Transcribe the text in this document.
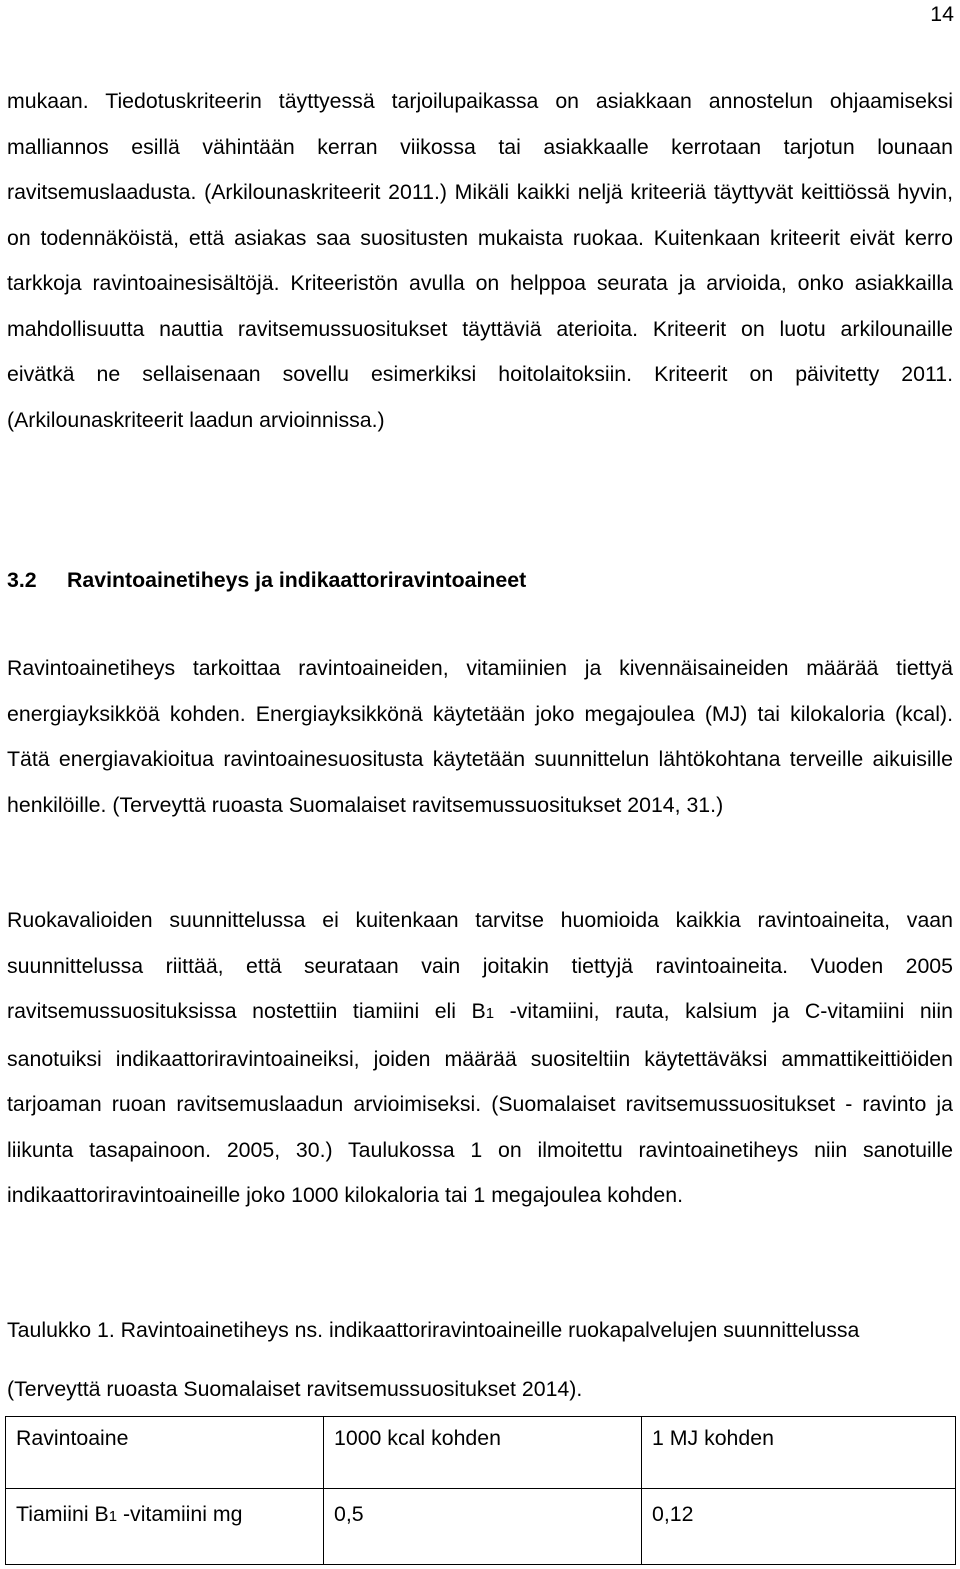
14

mukaan. Tiedotuskriteerin täyttyessä tarjoilupaikassa on asiakkaan annostelun ohjaamiseksi malliannos esillä vähintään kerran viikossa tai asiakkaalle kerrotaan tarjotun lounaan ravitsemuslaadusta. (Arkilounaskriteerit 2011.) Mikäli kaikki neljä kriteeriä täyttyvät keittiössä hyvin, on todennäköistä, että asiakas saa suositusten mukaista ruokaa. Kuitenkaan kriteerit eivät kerro tarkkoja ravintoainesisältöjä. Kriteeristön avulla on helppoa seurata ja arvioida, onko asiakkailla mahdollisuutta nauttia ravitsemussuositukset täyttäviä aterioita. Kriteerit on luotu arkilounaille eivätkä ne sellaisenaan sovellu esimerkiksi hoitolaitoksiin. Kriteerit on päivitetty 2011. (Arkilounaskriteerit laadun arvioinnissa.)

3.2 Ravintoainetiheys ja indikaattoriravintoaineet

Ravintoainetiheys tarkoittaa ravintoaineiden, vitamiinien ja kivennäisaineiden määrää tiettyä energiayksikköä kohden. Energiayksikkönä käytetään joko megajoulea (MJ) tai kilokaloria (kcal). Tätä energiavakioitua ravintoainesuositusta käytetään suunnittelun lähtökohtana terveille aikuisille henkilöille. (Terveyttä ruoasta Suomalaiset ravitsemussuositukset 2014, 31.)

Ruokavalioiden suunnittelussa ei kuitenkaan tarvitse huomioida kaikkia ravintoaineita, vaan suunnittelussa riittää, että seurataan vain joitakin tiettyjä ravintoaineita. Vuoden 2005 ravitsemussuosituksissa nostettiin tiamiini eli B1 -vitamiini, rauta, kalsium ja C-vitamiini niin sanotuiksi indikaattoriravintoaineiksi, joiden määrää suositeltiin käytettäväksi ammattikeittiöiden tarjoaman ruoan ravitsemuslaadun arvioimiseksi. (Suomalaiset ravitsemussuositukset - ravinto ja liikunta tasapainoon. 2005, 30.) Taulukossa 1 on ilmoitettu ravintoainetiheys niin sanotuille indikaattoriravintoaineille joko 1000 kilokaloria tai 1 megajoulea kohden.

Taulukko 1. Ravintoainetiheys ns. indikaattoriravintoaineille ruokapalvelujen suunnittelussa

(Terveyttä ruoasta Suomalaiset ravitsemussuositukset 2014).

Ravintoaine	1000 kcal kohden	1 MJ kohden
Tiamiini B1 -vitamiini mg	0,5	0,12
